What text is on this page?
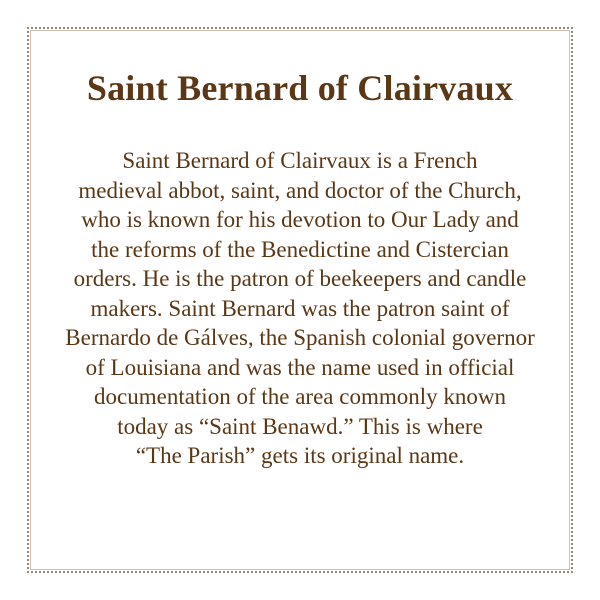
Saint Bernard of Clairvaux

Saint Bernard of Clairvaux is a French
medieval abbot, saint, and doctor of the Church,
who is known for his devotion to Our Lady and
the reforms of the Benedictine and Cistercian
orders. He is the patron of beekeepers and candle
makers. Saint Bernard was the patron saint of
Bernardo de Gálves, the Spanish colonial governor
of Louisiana and was the name used in official
documentation of the area commonly known
today as “Saint Benawd.” This is where
“The Parish” gets its original name.
